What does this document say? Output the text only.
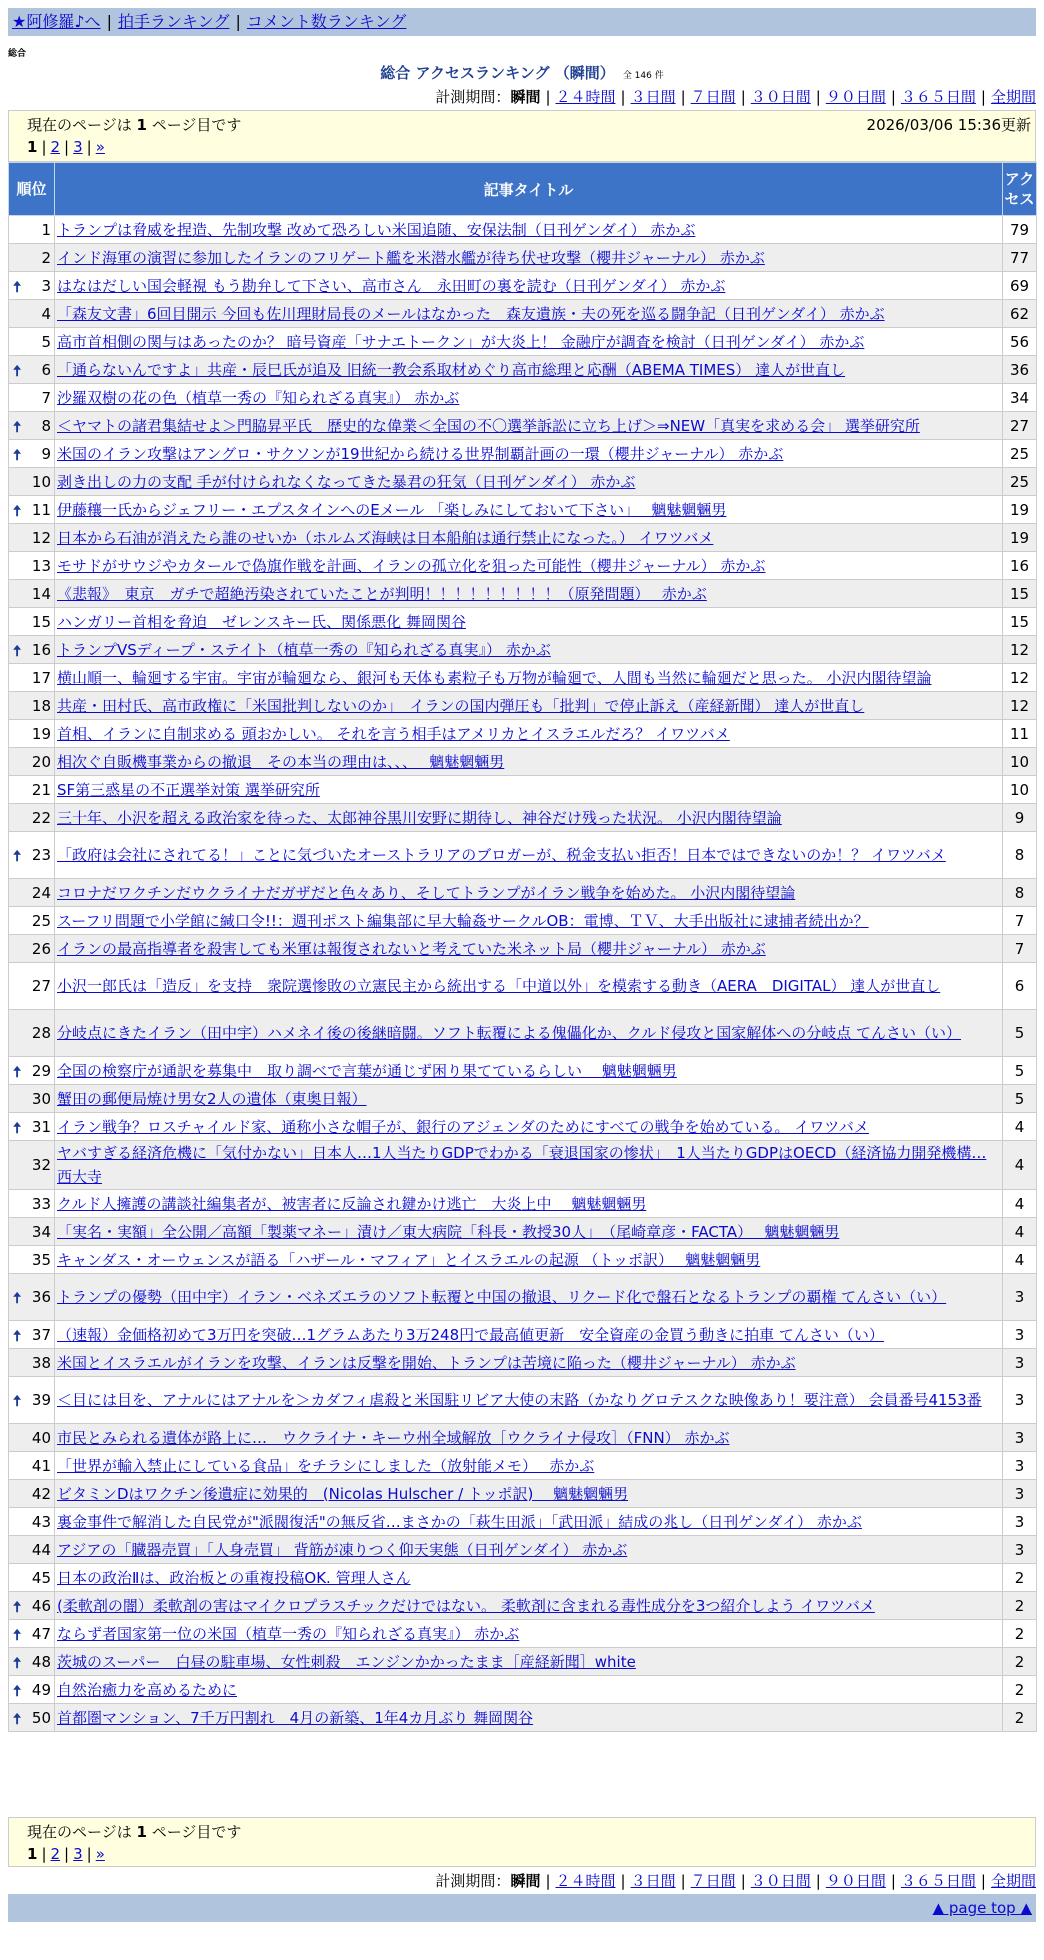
★阿修羅♪へ | 拍手ランキング | コメント数ランキング
総合
総合 アクセスランキング （瞬間） 全 146 件
計測期間：瞬間 | ２４時間 | ３日間 | ７日間 | ３０日間 | ９０日間 | ３６５日間 | 全期間
現在のページは 1 ページ目です	2026/03/06 15:36更新
1 | 2 | 3 | »
順位	記事タイトル	アクセス
1	トランプは脅威を捏造、先制攻撃 改めて恐ろしい米国追随、安保法制（日刊ゲンダイ） 赤かぶ	79
2	インド海軍の演習に参加したイランのフリゲート艦を米潜水艦が待ち伏せ攻撃（櫻井ジャーナル） 赤かぶ	77

🠅 3	はなはだしい国会軽視 もう勘弁して下さい、高市さん　永田町の裏を読む（日刊ゲンダイ） 赤かぶ	69
4	「森友文書」6回目開示 今回も佐川理財局長のメールはなかった　森友遺族・夫の死を巡る闘争記（日刊ゲンダイ） 赤かぶ	62
5	高市首相側の関与はあったのか？ 暗号資産「サナエトークン」が大炎上！ 金融庁が調査を検討（日刊ゲンダイ） 赤かぶ	56

🠅 6	「通らないんですよ」共産・辰巳氏が追及 旧統一教会系取材めぐり高市総理と応酬（ABEMA TIMES） 達人が世直し	36
7	沙羅双樹の花の色（植草一秀の『知られざる真実』） 赤かぶ	34

🠅 8	＜ヤマトの諸君集結せよ＞門脇昇平氏　歴史的な偉業＜全国の不〇選挙訴訟に立ち上げ＞⇒NEW「真実を求める会」 選挙研究所	27

🠅 9	米国のイラン攻撃はアングロ・サクソンが19世紀から続ける世界制覇計画の一環（櫻井ジャーナル） 赤かぶ	25
10	剥き出しの力の支配 手が付けられなくなってきた暴君の狂気（日刊ゲンダイ） 赤かぶ	25

🠅 11	伊藤穰一氏からジェフリー・エプスタインへのEメール 「楽しみにしておいて下さい」　 魑魅魍魎男	19
12	日本から石油が消えたら誰のせいか（ホルムズ海峡は日本船舶は通行禁止になった。） イワツバメ	19
13	モサドがサウジやカタールで偽旗作戦を計画、イランの孤立化を狙った可能性（櫻井ジャーナル） 赤かぶ	16
14	《悲報》　東京　ガチで超絶汚染されていたことが判明！！！！！！！！！（原発問題）　 赤かぶ	15
15	ハンガリー首相を脅迫　ゼレンスキー氏、関係悪化 舞岡関谷	15

🠅 16	トランプVSディープ・ステイト（植草一秀の『知られざる真実』） 赤かぶ	12
17	横山順一、輪廻する宇宙。宇宙が輪廻なら、銀河も天体も素粒子も万物が輪廻で、人間も当然に輪廻だと思った。 小沢内閣待望論	12
18	共産・田村氏、高市政権に「米国批判しないのか」　イランの国内弾圧も「批判」で停止訴え（産経新聞） 達人が世直し	12
19	首相、イランに自制求める 頭おかしい。 それを言う相手はアメリカとイスラエルだろ？ イワツバメ	11
20	相次ぐ自販機事業からの撤退　その本当の理由は、、、　 魑魅魍魎男	10
21	SF第三惑星の不正選挙対策 選挙研究所	10
22	三十年、小沢を超える政治家を待った、太郎神谷黒川安野に期待し、神谷だけ残った状況。 小沢内閣待望論	9

🠅 23	「政府は会社にされてる！」ことに気づいたオーストラリアのブロガーが、税金支払い拒否！日本ではできないのか！？ イワツバメ	8
24	コロナだワクチンだウクライナだガザだと色々あり、そしてトランプがイラン戦争を始めた。 小沢内閣待望論	8
25	スーフリ問題で小学館に緘口令!!：週刊ポスト編集部に早大輪姦サークルOB：電博、ＴＶ、大手出版社に逮捕者続出か？	7
26	イランの最高指導者を殺害しても米軍は報復されないと考えていた米ネット局（櫻井ジャーナル） 赤かぶ	7
27	小沢一郎氏は「造反」を支持　衆院選惨敗の立憲民主から統出する「中道以外」を模索する動き（AERA　DIGITAL） 達人が世直し	6
28	分岐点にきたイラン（田中宇）ハメネイ後の後継暗闘。ソフト転覆による傀儡化か、クルド侵攻と国家解体への分岐点 てんさい（い）	5

🠅 29	全国の検察庁が通訳を募集中　取り調べで言葉が通じず困り果てているらしい　 魑魅魍魎男	5
30	蟹田の郵便局焼け男女2人の遺体（東奥日報）	5

🠅 31	イラン戦争？ロスチャイルド家、通称小さな帽子が、銀行のアジェンダのためにすべての戦争を始めている。 イワツバメ	4
32	ヤバすぎる経済危機に「気付かない」日本人…1人当たりGDPでわかる「衰退国家の惨状」　1人当たりGDPはOECD（経済協力開発機構… 西大寺	4
33	クルド人擁護の講談社編集者が、被害者に反論され鍵かけ逃亡　大炎上中　 魑魅魍魎男	4
34	「実名・実額」全公開／高額「製薬マネー」漬け／東大病院「科長・教授30人」　（尾崎章彦・FACTA）　 魑魅魍魎男	4
35	キャンダス・オーウェンスが語る「ハザール・マフィア」とイスラエルの起源 （トッポ訳）　 魑魅魍魎男	4

🠅 36	トランプの優勢（田中宇）イラン・ベネズエラのソフト転覆と中国の撤退、リクード化で盤石となるトランプの覇権 てんさい（い）	3

🠅 37	（速報）金価格初めて3万円を突破…1グラムあたり3万248円で最高値更新　安全資産の金買う動きに拍車 てんさい（い）	3
38	米国とイスラエルがイランを攻撃、イランは反撃を開始、トランプは苦境に陥った（櫻井ジャーナル） 赤かぶ	3

🠅 39	＜目には目を、アナルにはアナルを＞カダフィ虐殺と米国駐リビア大使の末路（かなりグロテスクな映像あり！要注意） 会員番号4153番	3
40	市民とみられる遺体が路上に…　ウクライナ・キーウ州全域解放［ウクライナ侵攻］（FNN） 赤かぶ	3
41	「世界が輸入禁止にしている食品」をチラシにしました（放射能メモ）　 赤かぶ	3
42	ビタミンDはワクチン後遺症に効果的　(Nicolas Hulscher / トッポ訳)　 魑魅魍魎男	3
43	裏金事件で解消した自民党が"派閥復活"の無反省…まさかの「萩生田派」「武田派」結成の兆し（日刊ゲンダイ） 赤かぶ	3
44	アジアの「臓器売買」「人身売買」 背筋が凍りつく仰天実態（日刊ゲンダイ） 赤かぶ	3
45	日本の政治Ⅱは、政治板との重複投稿OK. 管理人さん	2

🠅 46	(柔軟剤の闇）柔軟剤の害はマイクロプラスチックだけではない。 柔軟剤に含まれる毒性成分を3つ紹介しよう イワツバメ	2

🠅 47	ならず者国家第一位の米国（植草一秀の『知られざる真実』） 赤かぶ	2

🠅 48	茨城のスーパー　白昼の駐車場、女性刺殺　エンジンかかったまま［産経新聞］white	2

🠅 49	自然治癒力を高めるために	2

🠅 50	首都圏マンション、7千万円割れ　4月の新築、1年4カ月ぶり 舞岡関谷	2
現在のページは 1 ページ目です
1 | 2 | 3 | »
計測期間：瞬間 | ２４時間 | ３日間 | ７日間 | ３０日間 | ９０日間 | ３６５日間 | 全期間
▲ page top ▲
